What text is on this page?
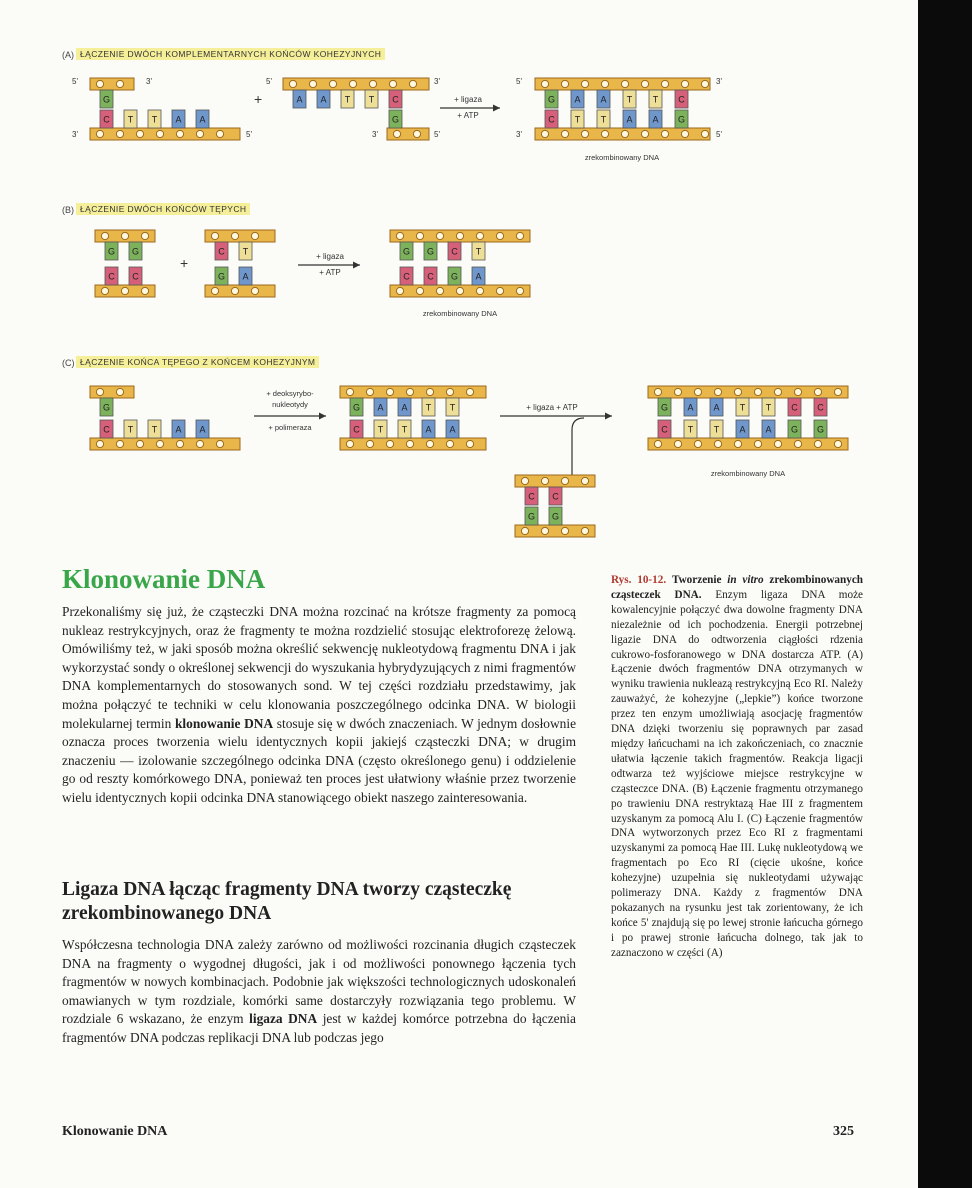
(A) ŁĄCZENIE DWÓCH KOMPLEMENTARNYCH KOŃCÓW KOHEZYJNYCH
(B) ŁĄCZENIE DWÓCH KOŃCÓW TĘPYCH
(C) ŁĄCZENIE KOŃCA TĘPEGO Z KOŃCEM KOHEZYJNYM
G
C T T A A
5'	3'
3'	5'
+	A A T T C
G
5'	3'
3'	5'
+ ligaza
+ ATP
G A A T T C
C T T A A G
5'	3'
3'	5'
zrekombinowany DNA
G G
C C
+
C T
G A
+ ligaza
+ ATP
G G C T
C C G A
zrekombinowany DNA
G
C T T A A
+ deoksyrybo-
nukleotydy
+ polimeraza
G A A T T
C T T A A
+ ligaza + ATP
C C
G G
G A A T T C C
C T T A A G G
zrekombinowany DNA
Klonowanie DNA

Przekonaliśmy się już, że cząsteczki DNA można rozcinać na krótsze fragmenty za pomocą nukleaz restrykcyjnych, oraz że fragmenty te można rozdzielić stosując elektroforezę żelową. Omówiliśmy też, w jaki sposób można określić sekwencję nukleotydową fragmentu DNA i jak wykorzystać sondy o określonej sekwencji do wyszukania hybrydyzujących z nimi fragmentów DNA komplementarnych do stosowanych sond. W tej części rozdziału przedstawimy, jak można połączyć te techniki w celu klonowania poszczególnego odcinka DNA. W biologii molekularnej termin klonowanie DNA stosuje się w dwóch znaczeniach. W jednym dosłownie oznacza proces tworzenia wielu identycznych kopii jakiejś cząsteczki DNA; w drugim znaczeniu — izolowanie szczególnego odcinka DNA (często określonego genu) i oddzielenie go od reszty komórkowego DNA, ponieważ ten proces jest ułatwiony właśnie przez tworzenie wielu identycznych kopii odcinka DNA stanowiącego obiekt naszego zainteresowania.

Ligaza DNA łącząc fragmenty DNA tworzy cząsteczkę zrekombinowanego DNA

Współczesna technologia DNA zależy zarówno od możliwości rozcinania długich cząsteczek DNA na fragmenty o wygodnej długości, jak i od możliwości ponownego łączenia tych fragmentów w nowych kombinacjach. Podobnie jak większości technologicznych udoskonaleń omawianych w tym rozdziale, komórki same dostarczyły rozwiązania tego problemu. W rozdziale 6 wskazano, że enzym ligaza DNA jest w każdej komórce potrzebna do łączenia fragmentów DNA podczas replikacji DNA lub podczas jego

Rys. 10-12. Tworzenie in vitro zrekombinowanych cząsteczek DNA. Enzym ligaza DNA może kowalencyjnie połączyć dwa dowolne fragmenty DNA niezależnie od ich pochodzenia. Energii potrzebnej ligazie DNA do odtworzenia ciągłości rdzenia cukrowo-fosforanowego w DNA dostarcza ATP. (A) Łączenie dwóch fragmentów DNA otrzymanych w wyniku trawienia nukleazą restrykcyjną Eco RI. Należy zauważyć, że kohezyjne („lepkie”) końce tworzone przez ten enzym umożliwiają asocjację fragmentów DNA dzięki tworzeniu się poprawnych par zasad między łańcuchami na ich zakończeniach, co znacznie ułatwia łączenie takich fragmentów. Reakcja ligacji odtwarza też wyjściowe miejsce restrykcyjne w cząsteczce DNA. (B) Łączenie fragmentu otrzymanego po trawieniu DNA restryktazą Hae III z fragmentem uzyskanym za pomocą Alu I. (C) Łączenie fragmentów DNA wytworzonych przez Eco RI z fragmentami uzyskanymi za pomocą Hae III. Lukę nukleotydową we fragmentach po Eco RI (cięcie ukośne, końce kohezyjne) uzupełnia się nukleotydami używając polimerazy DNA. Każdy z fragmentów DNA pokazanych na rysunku jest tak zorientowany, że ich końce 5' znajdują się po lewej stronie łańcucha górnego i po prawej stronie łańcucha dolnego, tak jak to zaznaczono w części (A)

Klonowanie DNA	325
